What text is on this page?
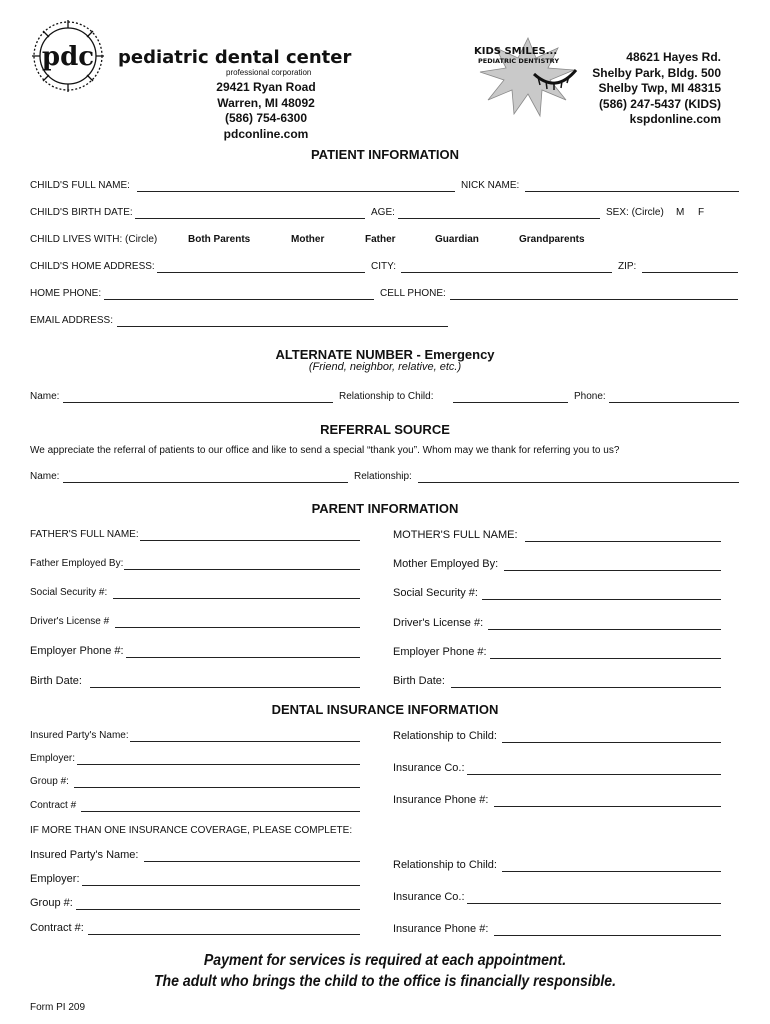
pdc pediatric dental center
professional corporation
29421 Ryan Road
Warren, MI 48092
(586) 754-6300
pdconline.com
KIDS SMILES...
PEDIATRIC DENTISTRY	48621 Hayes Rd.
Shelby Park, Bldg. 500
Shelby Twp, MI 48315
(586) 247-5437 (KIDS)
kspdonline.com
PATIENT INFORMATION
CHILD'S FULL NAME:	NICK NAME:
CHILD'S BIRTH DATE:	AGE:	SEX: (Circle) M F
CHILD LIVES WITH: (Circle)	Both Parents	Mother	Father	Guardian	Grandparents
CHILD'S HOME ADDRESS:	CITY:	ZIP:
HOME PHONE:	CELL PHONE:
EMAIL ADDRESS:
ALTERNATE NUMBER - Emergency
(Friend, neighbor, relative, etc.)
Name:	Relationship to Child:	Phone:
REFERRAL SOURCE
We appreciate the referral of patients to our office and like to send a special “thank you”. Whom may we thank for referring you to us?
Name:	Relationship:
PARENT INFORMATION
FATHER'S FULL NAME:
Father Employed By:
Social Security #:
Driver's License #
Employer Phone #:
Birth Date:
MOTHER'S FULL NAME:
Mother Employed By:
Social Security #:
Driver's License #:
Employer Phone #:
Birth Date:
DENTAL INSURANCE INFORMATION
Insured Party's Name:
Employer:
Group #:
Contract #
Relationship to Child:
Insurance Co.:
Insurance Phone #:
IF MORE THAN ONE INSURANCE COVERAGE, PLEASE COMPLETE:
Insured Party's Name:
Employer:
Group #:
Contract #:
Relationship to Child:
Insurance Co.:
Insurance Phone #:
Payment for services is required at each appointment.
The adult who brings the child to the office is financially responsible.
Form PI 209
